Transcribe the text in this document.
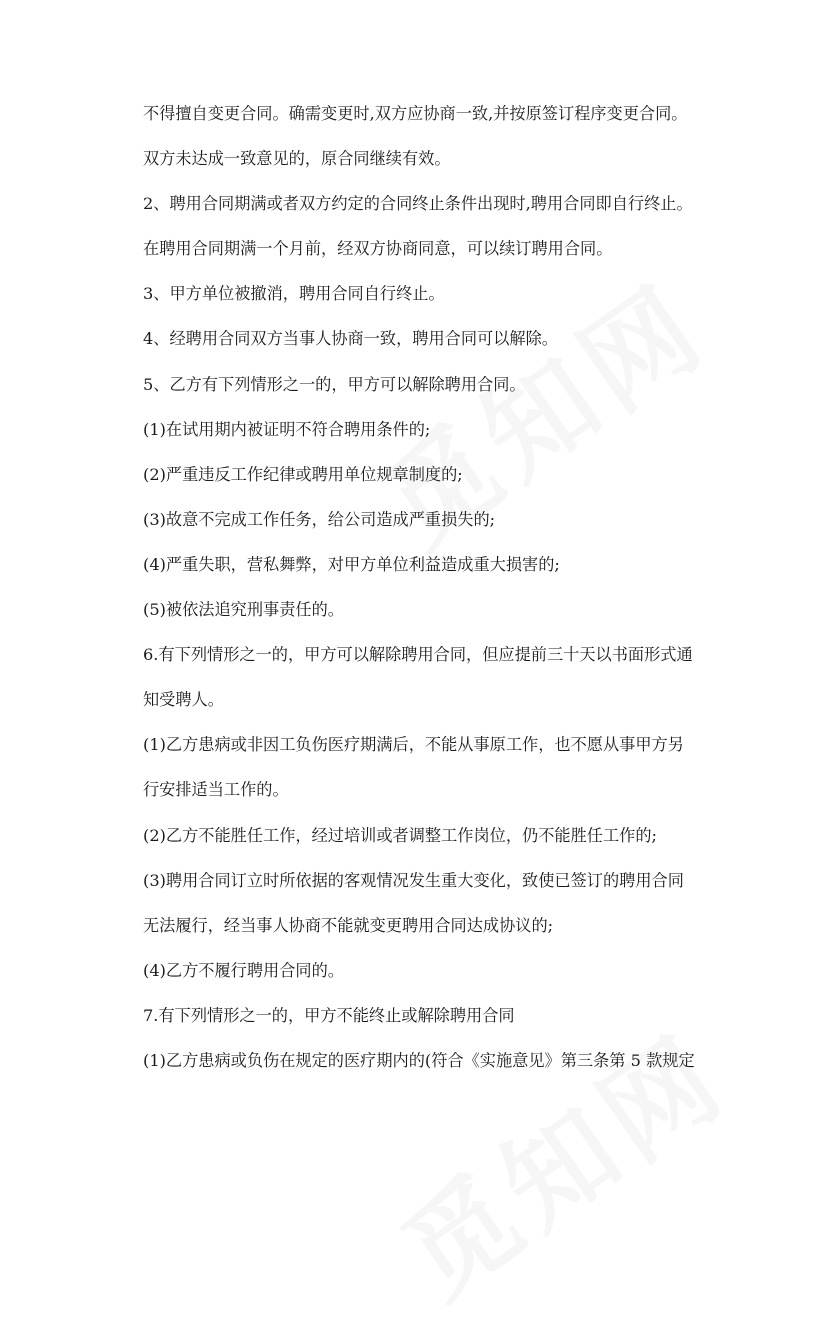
不得擅自变更合同。确需变更时,双方应协商一致,并按原签订程序变更合同。

双方未达成一致意见的，原合同继续有效。

2、聘用合同期满或者双方约定的合同终止条件出现时,聘用合同即自行终止。

在聘用合同期满一个月前，经双方协商同意，可以续订聘用合同。

3、甲方单位被撤消，聘用合同自行终止。

4、经聘用合同双方当事人协商一致，聘用合同可以解除。

5、乙方有下列情形之一的，甲方可以解除聘用合同。

(1)在试用期内被证明不符合聘用条件的;

(2)严重违反工作纪律或聘用单位规章制度的;

(3)故意不完成工作任务，给公司造成严重损失的;

(4)严重失职，营私舞弊，对甲方单位利益造成重大损害的;

(5)被依法追究刑事责任的。

6.有下列情形之一的，甲方可以解除聘用合同，但应提前三十天以书面形式通

知受聘人。

(1)乙方患病或非因工负伤医疗期满后，不能从事原工作，也不愿从事甲方另

行安排适当工作的。

(2)乙方不能胜任工作，经过培训或者调整工作岗位，仍不能胜任工作的;

(3)聘用合同订立时所依据的客观情况发生重大变化，致使已签订的聘用合同

无法履行，经当事人协商不能就变更聘用合同达成协议的;

(4)乙方不履行聘用合同的。

7.有下列情形之一的，甲方不能终止或解除聘用合同

(1)乙方患病或负伤在规定的医疗期内的(符合《实施意见》第三条第 5 款规定
